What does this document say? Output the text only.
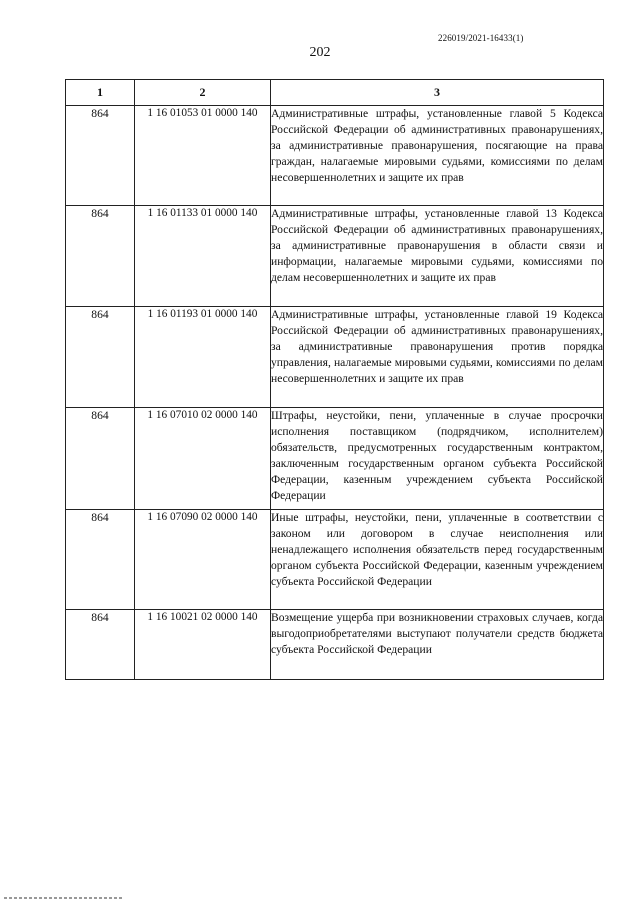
226019/2021-16433(1)
202
1	2	3
864	1 16 01053 01 0000 140	Административные штрафы, установленные главой 5 Кодекса Российской Федерации об административных правонарушениях, за административные правонарушения, посягающие на права граждан, налагаемые мировыми судьями, комиссиями по делам несовершеннолетних и защите их прав
864	1 16 01133 01 0000 140	Административные штрафы, установленные главой 13 Кодекса Российской Федерации об административных правонарушениях, за административные правонарушения в области связи и информации, налагаемые мировыми судьями, комиссиями по делам несовершеннолетних и защите их прав
864	1 16 01193 01 0000 140	Административные штрафы, установленные главой 19 Кодекса Российской Федерации об административных правонарушениях, за административные правонарушения против порядка управления, налагаемые мировыми судьями, комиссиями по делам несовершеннолетних и защите их прав
864	1 16 07010 02 0000 140	Штрафы, неустойки, пени, уплаченные в случае просрочки исполнения поставщиком (подрядчиком, исполнителем) обязательств, предусмотренных государственным контрактом, заключенным государственным органом субъекта Российской Федерации, казенным учреждением субъекта Российской Федерации
864	1 16 07090 02 0000 140	Иные штрафы, неустойки, пени, уплаченные в соответствии с законом или договором в случае неисполнения или ненадлежащего исполнения обязательств перед государственным органом субъекта Российской Федерации, казенным учреждением субъекта Российской Федерации
864	1 16 10021 02 0000 140	Возмещение ущерба при возникновении страховых случаев, когда выгодоприобретателями выступают получатели средств бюджета субъекта Российской Федерации
